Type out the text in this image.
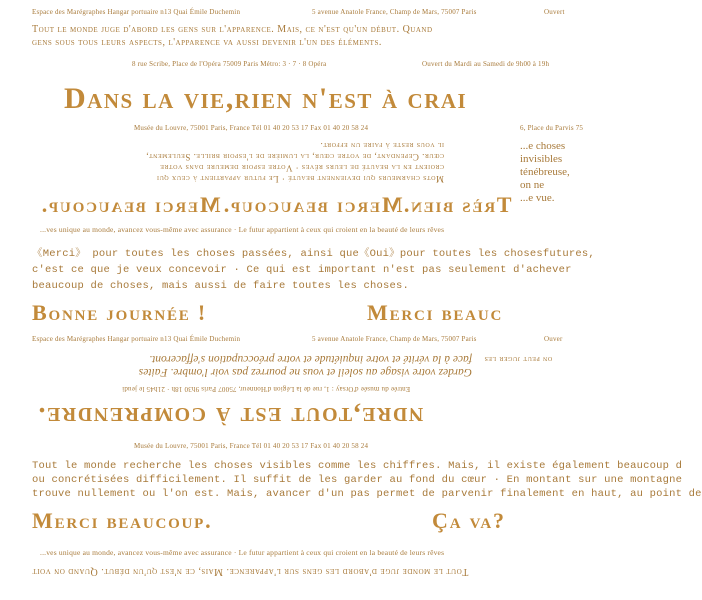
Espace des Marégraphes Hangar portuaire n13 Quai Émile Duchemin	5 avenue Anatole France, Champ de Mars, 75007 Paris	Ouvert
Tout le monde juge d'abord les gens sur l'apparence. Mais, ce n'est qu'un début. Quand
gens sous tous leurs aspects, l'apparence va aussi devenir l'un des éléments.
8 rue Scribe, Place de l'Opéra 75009 Paris Métro: 3 · 7 · 8 Opéra	Ouvert du Mardi au Samedi de 9h00 à 19h
Dans la vie,rien n'est à crai
Musée du Louvre, 75001 Paris, France Tél 01 40 20 53 17 Fax 01 40 20 58 24	6, Place du Parvis 75
Mots charmeurs qui deviennent beauté · Le futur appartient à ceux qui
croient en la beauté de leurs rêves · Votre espoir demeure dans votre
cœur. Cependant, de votre cœur, la lumière de l'espoir brille. Seulement,
il vous reste à faire un effort.	...e choses invisibles
ténébreuse, on ne
...e vue.
Merci beaucoup. Merci beaucoup. Très bien.
...ves unique au monde, avancez vous-même avec assurance · Le futur appartient à ceux qui croient en la beauté de leurs rêves
《Merci》 pour toutes les choses passées, ainsi que《Oui》pour toutes les chosesfutures,
c'est ce que je veux concevoir · Ce qui est important n'est pas seulement d'achever
beaucoup de choses, mais aussi de faire toutes les choses.
Bonne journée !	Merci beauc
Espace des Marégraphes Hangar portuaire n13 Quai Émile Duchemin	5 avenue Anatole France, Champ de Mars, 75007 Paris	Ouver
Gardez votre visage au soleil et vous ne pourrez pas voir l'ombre. Faites
face à la vérité et votre inquiétude et votre préoccupation s'effaceront. on peut juger les
Entrée du musée d'Orsay : 1, rue de la Légion d'Honneur, 75007 Paris 9h30 18h · 21h45 le jeudi
ndre,tout est à comprendre.
Musée du Louvre, 75001 Paris, France Tél 01 40 20 53 17 Fax 01 40 20 58 24
Tout le monde recherche les choses visibles comme les chiffres. Mais, il existe également beaucoup d
ou concrétisées difficilement. Il suffit de les garder au fond du cœur · En montant sur une montagne
trouve nullement ou l'on est. Mais, avancer d'un pas permet de parvenir finalement en haut, au point de
Merci beaucoup.	Ça va?
...ves unique au monde, avancez vous-même avec assurance · Le futur appartient à ceux qui croient en la beauté de leurs rêves
Tout le monde juge d'abord les gens sur l'apparence. Mais, ce n'est qu'un début. Quand on voit
